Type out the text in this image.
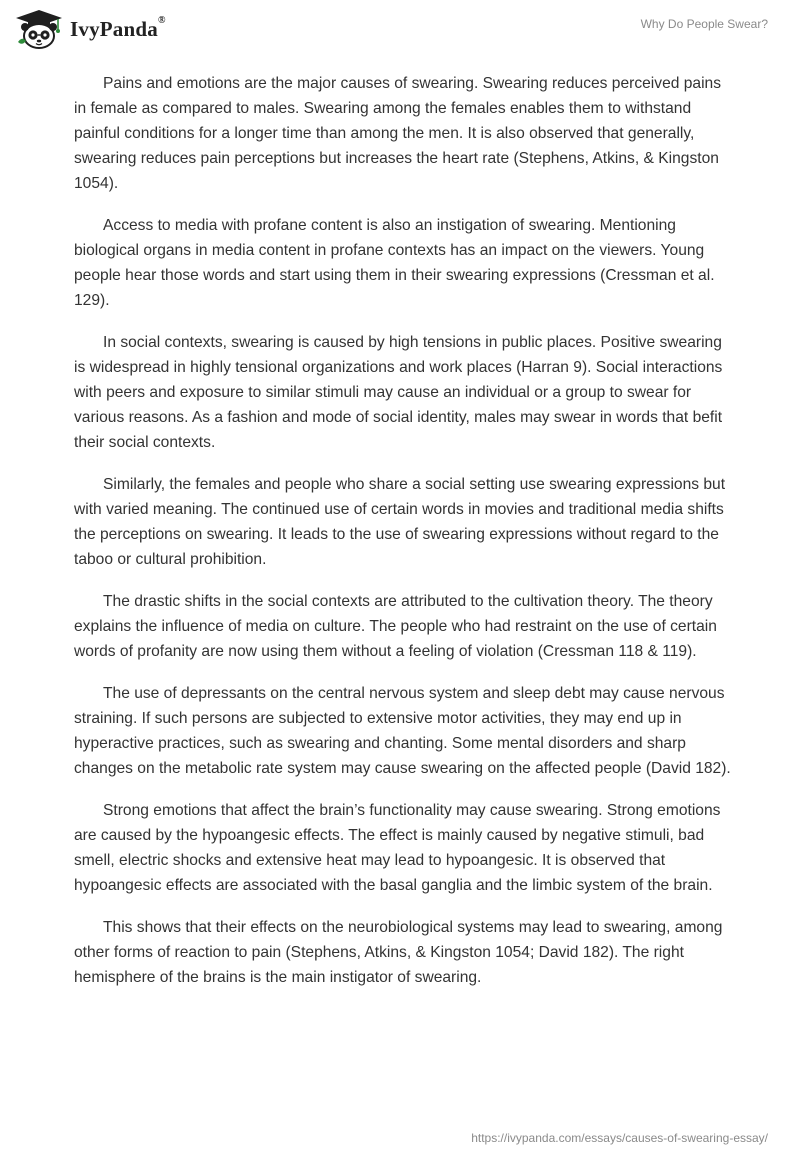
IvyPanda®	Why Do People Swear?

Pains and emotions are the major causes of swearing. Swearing reduces perceived pains in female as compared to males. Swearing among the females enables them to withstand painful conditions for a longer time than among the men. It is also observed that generally, swearing reduces pain perceptions but increases the heart rate (Stephens, Atkins, & Kingston 1054).

Access to media with profane content is also an instigation of swearing. Mentioning biological organs in media content in profane contexts has an impact on the viewers. Young people hear those words and start using them in their swearing expressions (Cressman et al. 129).

In social contexts, swearing is caused by high tensions in public places. Positive swearing is widespread in highly tensional organizations and work places (Harran 9). Social interactions with peers and exposure to similar stimuli may cause an individual or a group to swear for various reasons. As a fashion and mode of social identity, males may swear in words that befit their social contexts.

Similarly, the females and people who share a social setting use swearing expressions but with varied meaning. The continued use of certain words in movies and traditional media shifts the perceptions on swearing. It leads to the use of swearing expressions without regard to the taboo or cultural prohibition.

The drastic shifts in the social contexts are attributed to the cultivation theory. The theory explains the influence of media on culture. The people who had restraint on the use of certain words of profanity are now using them without a feeling of violation (Cressman 118 & 119).

The use of depressants on the central nervous system and sleep debt may cause nervous straining. If such persons are subjected to extensive motor activities, they may end up in hyperactive practices, such as swearing and chanting. Some mental disorders and sharp changes on the metabolic rate system may cause swearing on the affected people (David 182).

Strong emotions that affect the brain’s functionality may cause swearing. Strong emotions are caused by the hypoangesic effects. The effect is mainly caused by negative stimuli, bad smell, electric shocks and extensive heat may lead to hypoangesic. It is observed that hypoangesic effects are associated with the basal ganglia and the limbic system of the brain.

This shows that their effects on the neurobiological systems may lead to swearing, among other forms of reaction to pain (Stephens, Atkins, & Kingston 1054; David 182). The right hemisphere of the brains is the main instigator of swearing.

https://ivypanda.com/essays/causes-of-swearing-essay/
